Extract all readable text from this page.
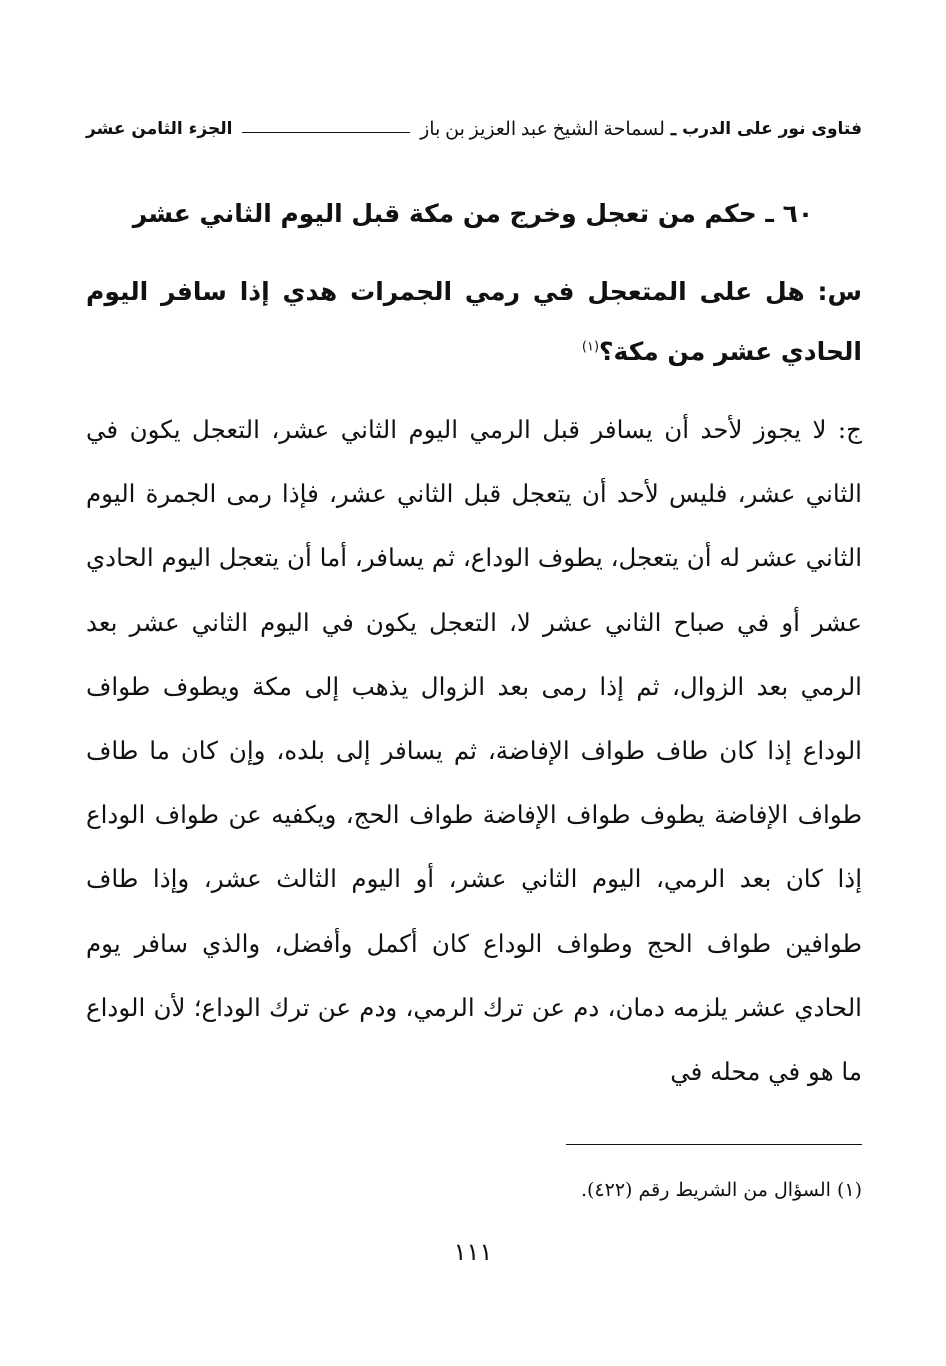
فتاوى نور على الدرب
ـ
لسماحة الشيخ عبد العزيز بن باز
الجزء الثامن عشر
٦٠ ـ حكم من تعجل وخرج من مكة قبل اليوم الثاني عشر
س: هل على المتعجل في رمي الجمرات هدي إذا سافر اليوم الحادي عشر من مكة؟$^{(١)}$
ج: لا يجوز لأحد أن يسافر قبل الرمي اليوم الثاني عشر، التعجل يكون في الثاني عشر، فليس لأحد أن يتعجل قبل الثاني عشر، فإذا رمى الجمرة اليوم الثاني عشر له أن يتعجل، يطوف الوداع، ثم يسافر، أما أن يتعجل اليوم الحادي عشر أو في صباح الثاني عشر لا، التعجل يكون في اليوم الثاني عشر بعد الرمي بعد الزوال، ثم إذا رمى بعد الزوال يذهب إلى مكة ويطوف طواف الوداع إذا كان طاف طواف الإفاضة، ثم يسافر إلى بلده، وإن كان ما طاف طواف الإفاضة يطوف طواف الإفاضة طواف الحج، ويكفيه عن طواف الوداع إذا كان بعد الرمي، اليوم الثاني عشر، أو اليوم الثالث عشر، وإذا طاف طوافين طواف الحج وطواف الوداع كان أكمل وأفضل، والذي سافر يوم الحادي عشر يلزمه دمان، دم عن ترك الرمي، ودم عن ترك الوداع؛ لأن الوداع ما هو في محله في
(١) السؤال من الشريط رقم (٤٢٢).
١١١
